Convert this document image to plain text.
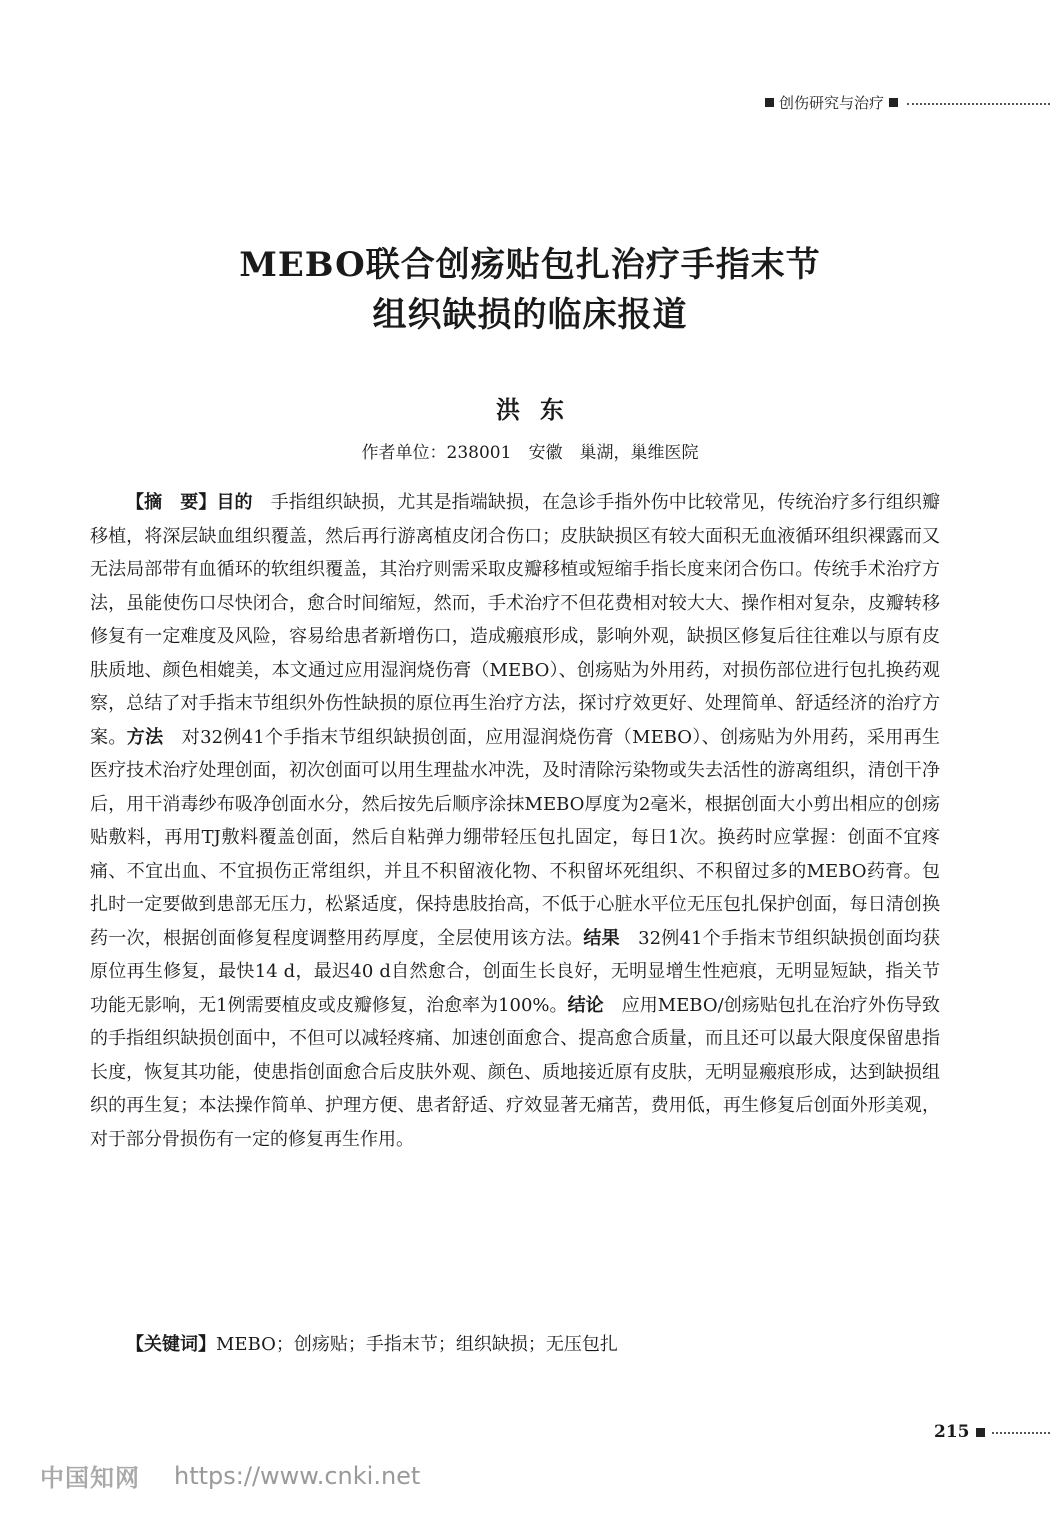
创伤研究与治疗
MEBO联合创疡贴包扎治疗手指末节
组织缺损的临床报道
洪东
作者单位：238001　安徽　巢湖，巢维医院
【摘　要】目的　手指组织缺损，尤其是指端缺损，在急诊手指外伤中比较常见，传统治疗多行组织瓣移植，将深层缺血组织覆盖，然后再行游离植皮闭合伤口；皮肤缺损区有较大面积无血液循环组织裸露而又无法局部带有血循环的软组织覆盖，其治疗则需采取皮瓣移植或短缩手指长度来闭合伤口。传统手术治疗方法，虽能使伤口尽快闭合，愈合时间缩短，然而，手术治疗不但花费相对较大大、操作相对复杂，皮瓣转移修复有一定难度及风险，容易给患者新增伤口，造成瘢痕形成，影响外观，缺损区修复后往往难以与原有皮肤质地、颜色相媲美，本文通过应用湿润烧伤膏（MEBO）、创疡贴为外用药，对损伤部位进行包扎换药观察，总结了对手指末节组织外伤性缺损的原位再生治疗方法，探讨疗效更好、处理简单、舒适经济的治疗方案。方法　对32例41个手指末节组织缺损创面，应用湿润烧伤膏（MEBO）、创疡贴为外用药，采用再生医疗技术治疗处理创面，初次创面可以用生理盐水冲洗，及时清除污染物或失去活性的游离组织，清创干净后，用干消毒纱布吸净创面水分，然后按先后顺序涂抹MEBO厚度为2毫米，根据创面大小剪出相应的创疡贴敷料，再用TJ敷料覆盖创面，然后自粘弹力绷带轻压包扎固定，每日1次。换药时应掌握：创面不宜疼痛、不宜出血、不宜损伤正常组织，并且不积留液化物、不积留坏死组织、不积留过多的MEBO药膏。包扎时一定要做到患部无压力，松紧适度，保持患肢抬高，不低于心脏水平位无压包扎保护创面，每日清创换药一次，根据创面修复程度调整用药厚度，全层使用该方法。结果　32例41个手指末节组织缺损创面均获原位再生修复，最快14 d，最迟40 d自然愈合，创面生长良好，无明显增生性疤痕，无明显短缺，指关节功能无影响，无1例需要植皮或皮瓣修复，治愈率为100%。结论　应用MEBO/创疡贴包扎在治疗外伤导致的手指组织缺损创面中，不但可以减轻疼痛、加速创面愈合、提高愈合质量，而且还可以最大限度保留患指长度，恢复其功能，使患指创面愈合后皮肤外观、颜色、质地接近原有皮肤，无明显瘢痕形成，达到缺损组织的再生复；本法操作简单、护理方便、患者舒适、疗效显著无痛苦，费用低，再生修复后创面外形美观，对于部分骨损伤有一定的修复再生作用。
【关键词】MEBO；创疡贴；手指末节；组织缺损；无压包扎
215
中国知网 https://www.cnki.net
